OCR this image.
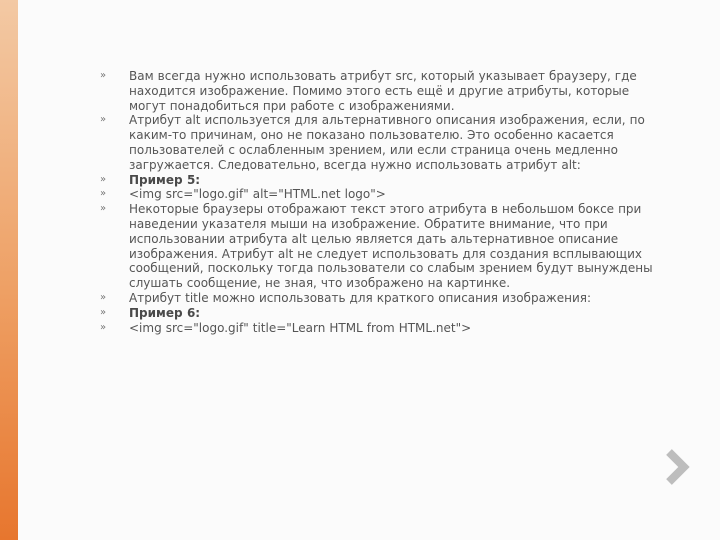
» Вам всегда нужно использовать атрибут src, который указывает браузеру, где находится изображение. Помимо этого есть ещё и другие атрибуты, которые могут понадобиться при работе с изображениями.
» Атрибут alt используется для альтернативного описания изображения, если, по каким-то причинам, оно не показано пользователю. Это особенно касается пользователей с ослабленным зрением, или если страница очень медленно загружается. Следовательно, всегда нужно использовать атрибут alt:
» Пример 5:
» <img src="logo.gif" alt="HTML.net logo">
» Некоторые браузеры отображают текст этого атрибута в небольшом боксе при наведении указателя мыши на изображение. Обратите внимание, что при использовании атрибута alt целью является дать альтернативное описание изображения. Атрибут alt не следует использовать для создания всплывающих сообщений, поскольку тогда пользователи со слабым зрением будут вынуждены слушать сообщение, не зная, что изображено на картинке.
» Атрибут title можно использовать для краткого описания изображения:
» Пример 6:
» <img src="logo.gif" title="Learn HTML from HTML.net">
